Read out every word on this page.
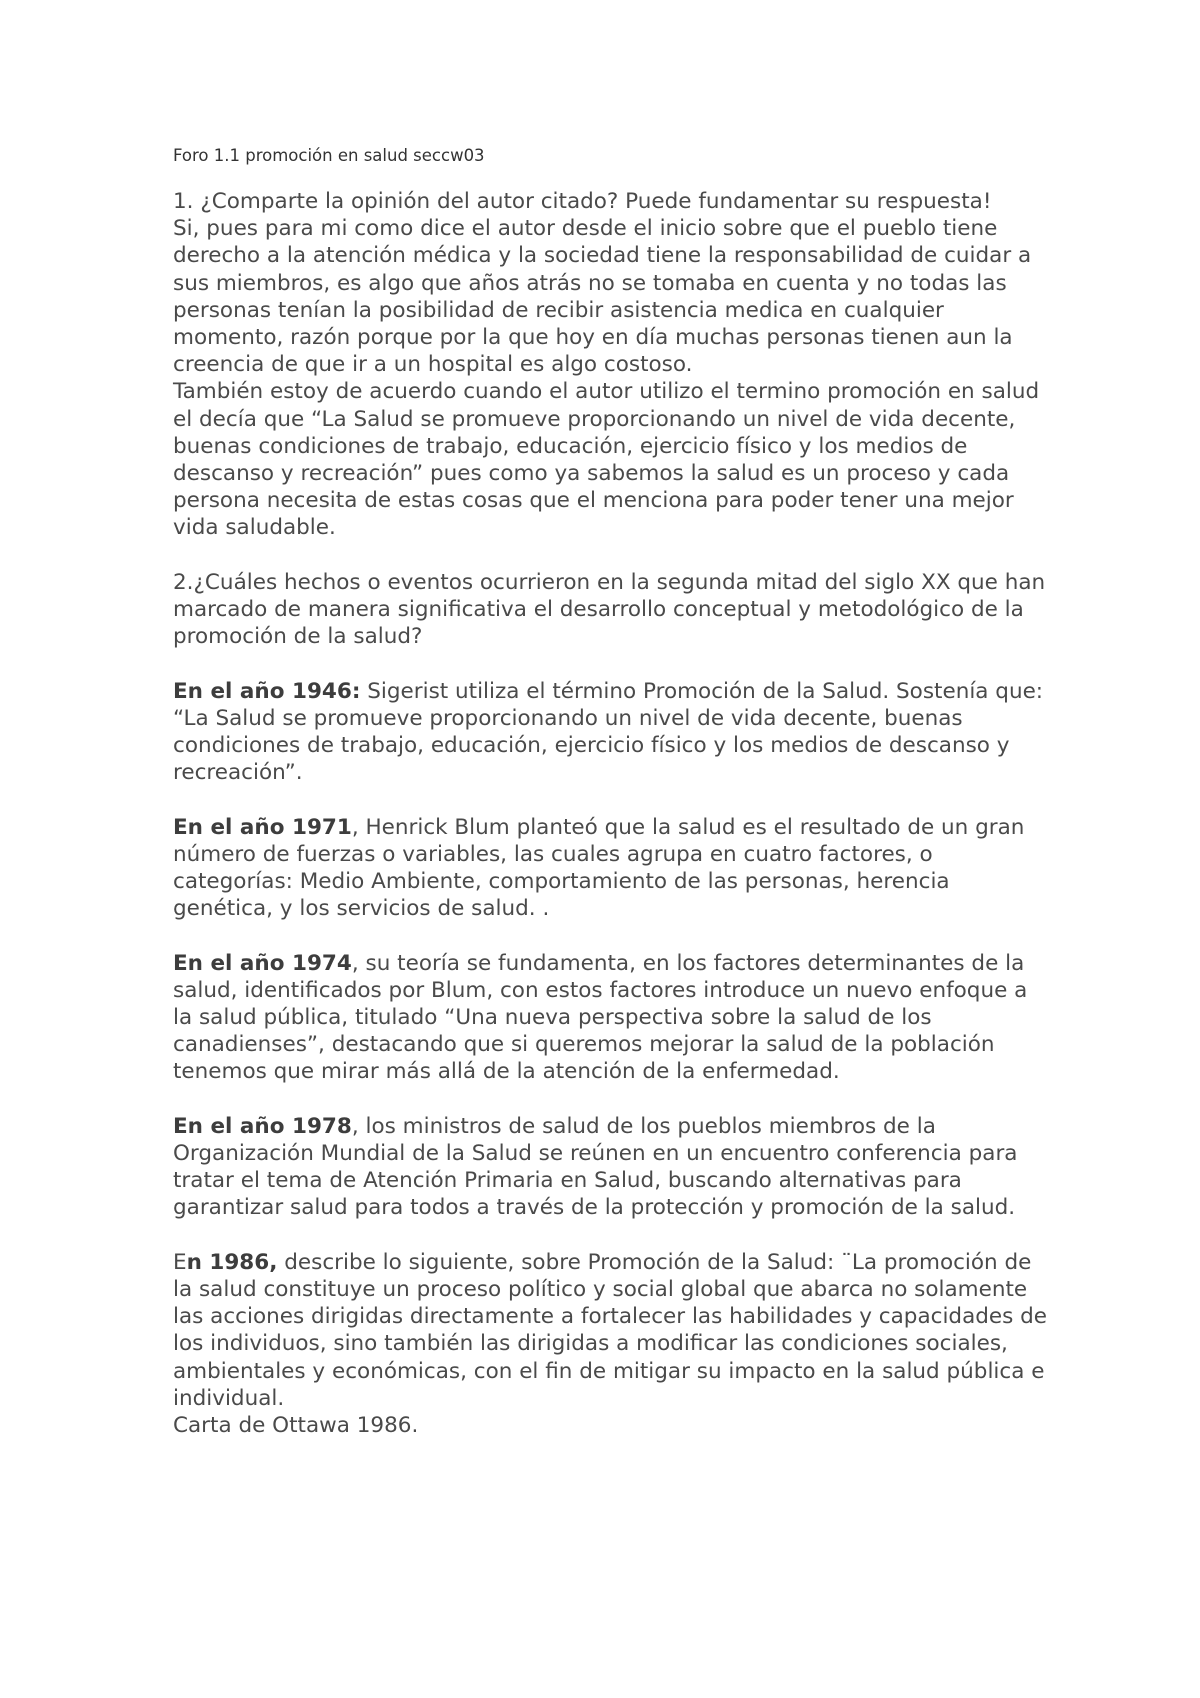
Foro 1.1 promoción en salud seccw03

1. ¿Comparte la opinión del autor citado? Puede fundamentar su respuesta!

Si, pues para mi como dice el autor desde el inicio sobre que el pueblo tiene derecho a la atención médica y la sociedad tiene la responsabilidad de cuidar a sus miembros, es algo que años atrás no se tomaba en cuenta y no todas las personas tenían la posibilidad de recibir asistencia medica en cualquier momento, razón porque por la que hoy en día muchas personas tienen aun la creencia de que ir a un hospital es algo costoso.

También estoy de acuerdo cuando el autor utilizo el termino promoción en salud el decía que “La Salud se promueve proporcionando un nivel de vida decente, buenas condiciones de trabajo, educación, ejercicio físico y los medios de descanso y recreación” pues como ya sabemos la salud es un proceso y cada persona necesita de estas cosas que el menciona para poder tener una mejor vida saludable.

2.¿Cuáles hechos o eventos ocurrieron en la segunda mitad del siglo XX que han marcado de manera significativa el desarrollo conceptual y metodológico de la promoción de la salud?

En el año 1946: Sigerist utiliza el término Promoción de la Salud. Sostenía que: “La Salud se promueve proporcionando un nivel de vida decente, buenas condiciones de trabajo, educación, ejercicio físico y los medios de descanso y recreación”.

En el año 1971, Henrick Blum planteó que la salud es el resultado de un gran número de fuerzas o variables, las cuales agrupa en cuatro factores, o categorías: Medio Ambiente, comportamiento de las personas, herencia genética, y los servicios de salud. .

En el año 1974, su teoría se fundamenta, en los factores determinantes de la salud, identificados por Blum, con estos factores introduce un nuevo enfoque a la salud pública, titulado “Una nueva perspectiva sobre la salud de los canadienses”, destacando que si queremos mejorar la salud de la población tenemos que mirar más allá de la atención de la enfermedad.

En el año 1978, los ministros de salud de los pueblos miembros de la Organización Mundial de la Salud se reúnen en un encuentro conferencia para tratar el tema de Atención Primaria en Salud, buscando alternativas para garantizar salud para todos a través de la protección y promoción de la salud.

En 1986, describe lo siguiente, sobre Promoción de la Salud: ¨La promoción de la salud constituye un proceso político y social global que abarca no solamente las acciones dirigidas directamente a fortalecer las habilidades y capacidades de los individuos, sino también las dirigidas a modificar las condiciones sociales, ambientales y económicas, con el fin de mitigar su impacto en la salud pública e individual.

Carta de Ottawa 1986.
